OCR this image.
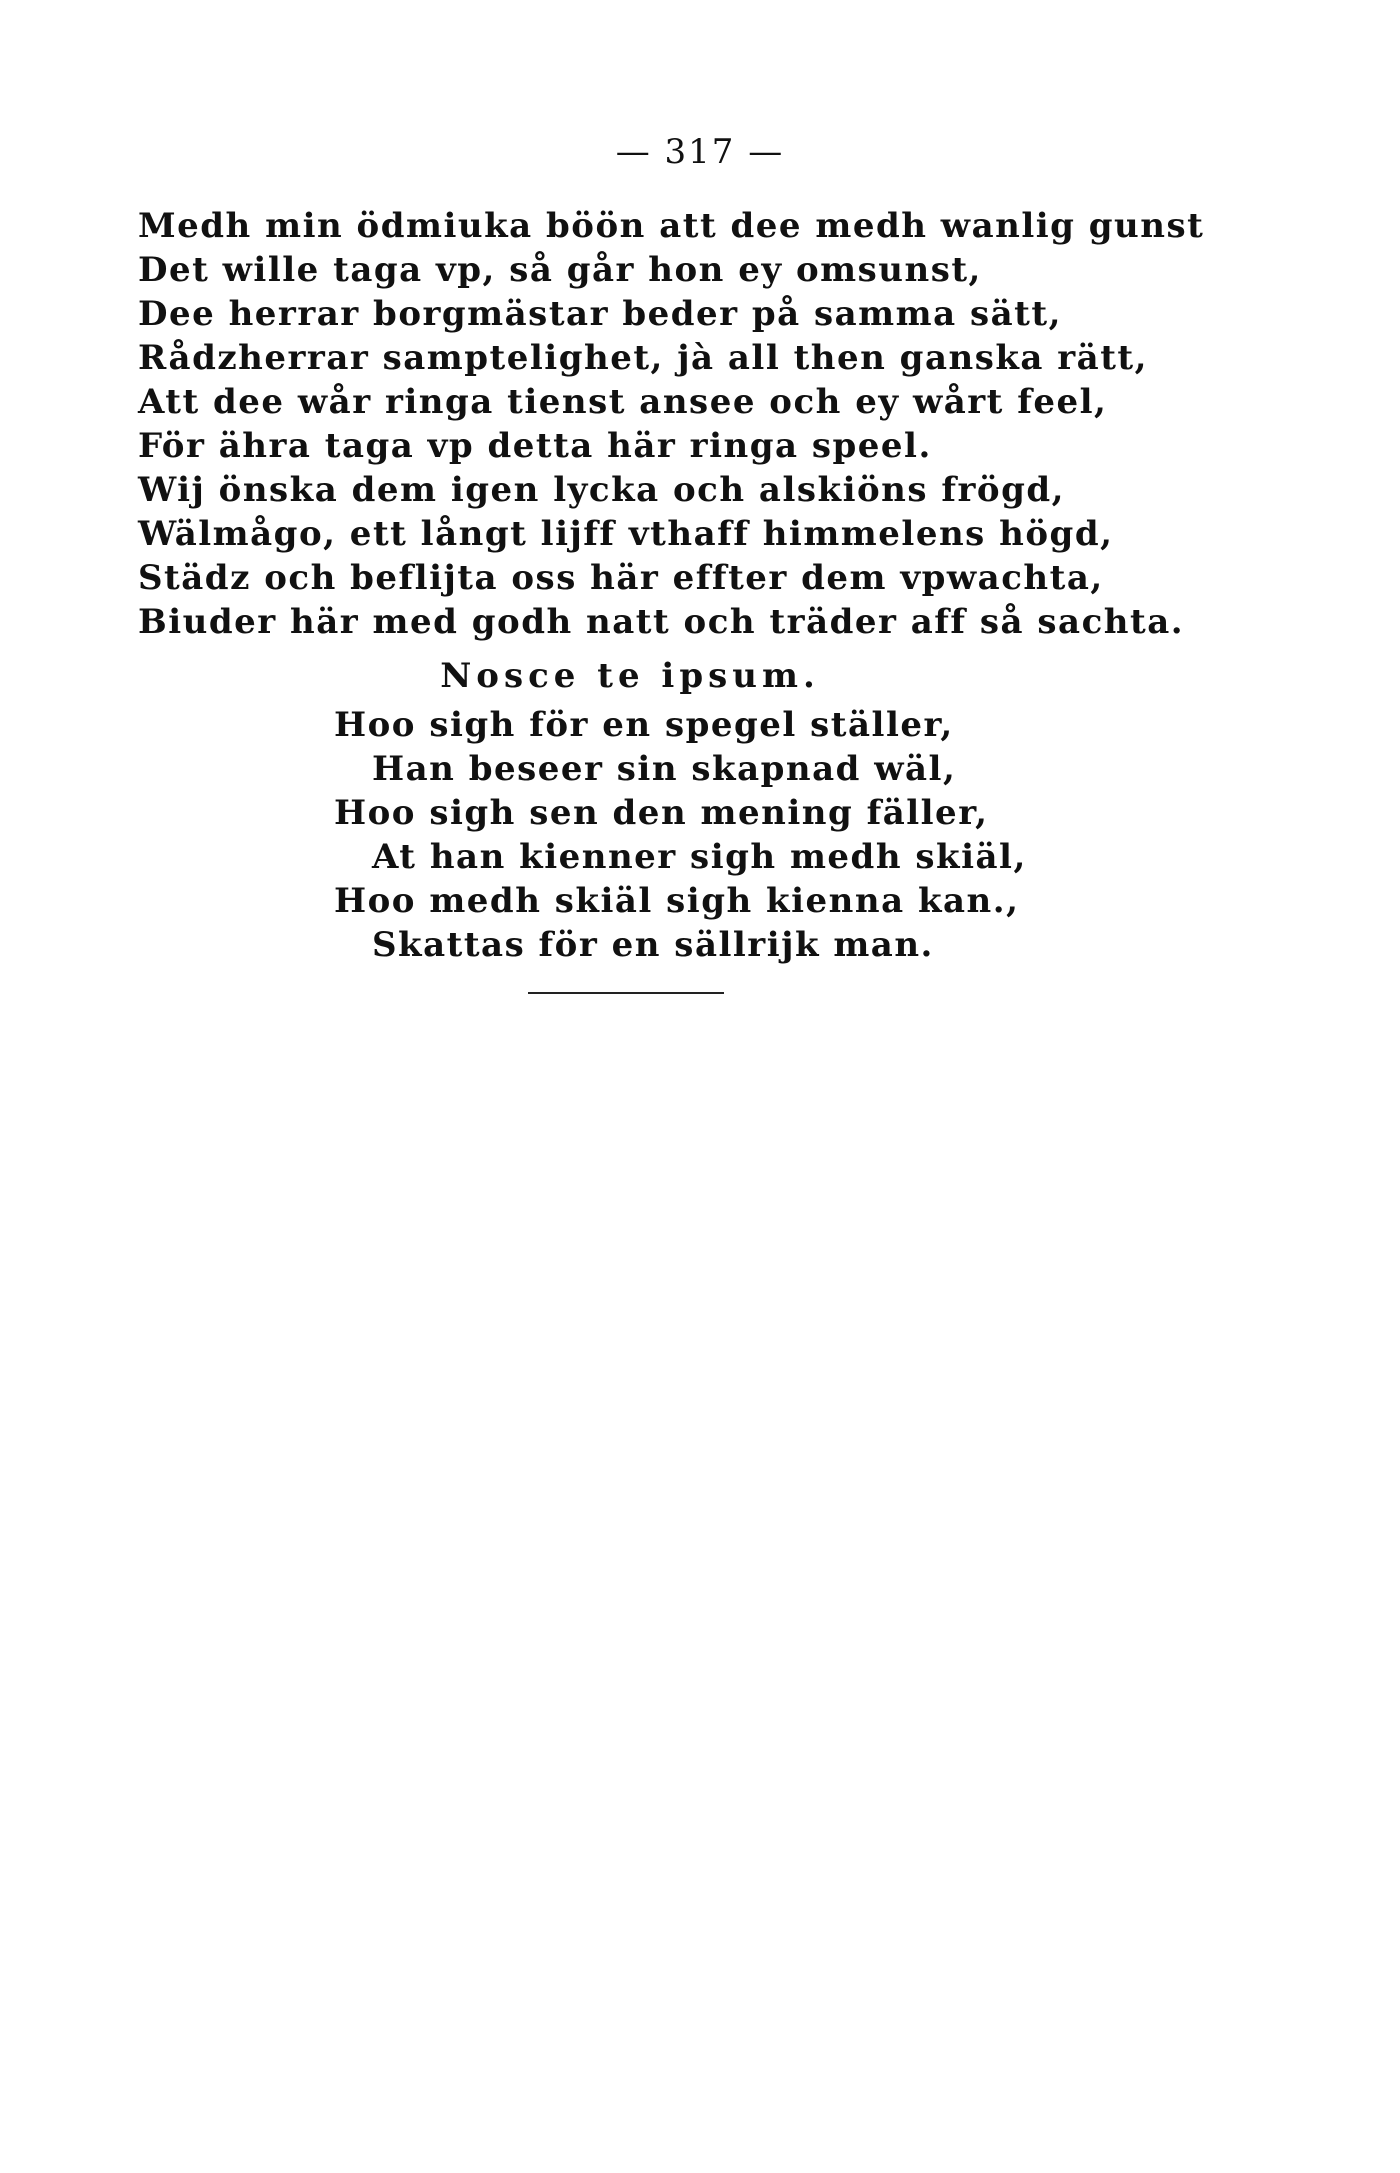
— 317 —
Medh min ödmiuka böön att dee medh wanlig gunst
Det wille taga vp, så går hon ey omsunst,
Dee herrar borgmästar beder på samma sätt,
Rådzherrar samptelighet, jà all then ganska rätt,
Att dee wår ringa tienst ansee och ey wårt feel,
För ähra taga vp detta här ringa speel.
Wij önska dem igen lycka och alskiöns frögd,
Wälmågo, ett långt lijff vthaff himmelens högd,
Städz och beflijta oss här effter dem vpwachta,
Biuder här med godh natt och träder aff så sachta.
Nosce te ipsum.
Hoo sigh för en spegel ställer,
Han beseer sin skapnad wäl,
Hoo sigh sen den mening fäller,
At han kienner sigh medh skiäl,
Hoo medh skiäl sigh kienna kan.,
Skattas för en sällrijk man.
